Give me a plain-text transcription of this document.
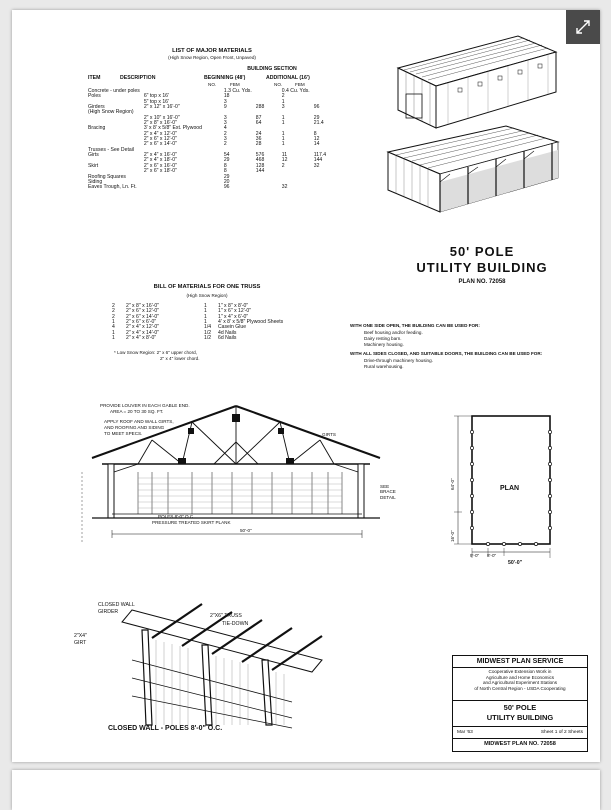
LIST OF MAJOR MATERIALS
(High Snow Region, Open Front, Unpaved)
BUILDING SECTION
ITEM	DESCRIPTION	BEGINNING (48')	ADDITIONAL (16')
NO.	FBM	NO.	FBM
Concrete - under poles		1.3 Cu. Yds.		0.4 Cu. Yds.	
Poles	6" top x 16'	18		2	
	5" top x 16'	3		1	
Girders	2" x 12" x 16'-0"	9	288	3	96
(High Snow Region)					
	2" x 10" x 16'-0"	3	87	1	29
	2" x 8" x 16'-0"	3	64	1	21.4
Bracing	3' x 8' x 5/8" Ext. Plywood	4			
	2" x 4" x 12'-0"	2	24	1	8
	2" x 6" x 12'-0"	3	36	1	12
	2" x 6" x 14'-0"	2	28	1	14
Trusses - See Detail					
Girts	2" x 4" x 16'-0"	54	576	11	117.4
	2" x 4" x 18'-0"	29	468	12	144
Skirt	2" x 6" x 16'-0"	8	128	2	32
	2" x 6" x 18'-0"	8	144		
Roofing Squares		29			
Siding		20			
Eaves Trough, Ln. Ft.		96		32	
50' POLE
UTILITY BUILDING
PLAN NO. 72058
BILL OF MATERIALS FOR ONE TRUSS
(High Snow Region)
2	2" x 8" x 16'-0"	1	1" x 8" x 8'-0"
2	2" x 6" x 12'-0"	1	1" x 6" x 12'-0"
2	2" x 6" x 14'-0"	1	1" x 4" x 6'-0"
1	2" x 6" x 6'-0"	1	4' x 8' x 5/8" Plywood Sheets
4	2" x 4" x 12'-0"	1/4	Casein Glue
1	2" x 4" x 14'-0"	1/2	4d Nails
1	2" x 4" x 8'-0"	1/2	6d Nails
* Low Snow Region: 2" x 6" upper chord,
2" x 4" lower chord.
WITH ONE SIDE OPEN, THE BUILDING CAN BE USED FOR:
Beef housing and/or feeding.
Dairy resting barn.
Machinery housing.
WITH ALL SIDES CLOSED, AND SUITABLE DOORS, THE BUILDING CAN BE USED FOR:
Drive-through machinery housing.
Rural warehousing.
PROVIDE LOUVER IN EACH GABLE END.
AREA = 20 TO 30 SQ. FT.
APPLY ROOF AND WALL GIRTS,
AND ROOFING AND SIDING
TO MEET SPECS.	GIRTS
SEE BRACE DETAIL
POLES 8'-0" O.C.
PRESSURE TREATED SKIRT PLANK
50'-0"
PLAN
64'-0"
16'-0"
9'-0" 8'-0"
50'-0"
CLOSED WALL
GIRDER
2"X6" TRUSS
TIE-DOWN
2"X4"
GIRT
CLOSED WALL - POLES 8'-0" O.C.
MIDWEST PLAN SERVICE
Cooperative Extension Work in
Agriculture and Home Economics
and Agricultural Experiment Stations
of North Central Region - USDA Cooperating
50' POLE
UTILITY BUILDING
Mar '63	Sheet 1 of 2 Sheets
MIDWEST PLAN NO. 72058
